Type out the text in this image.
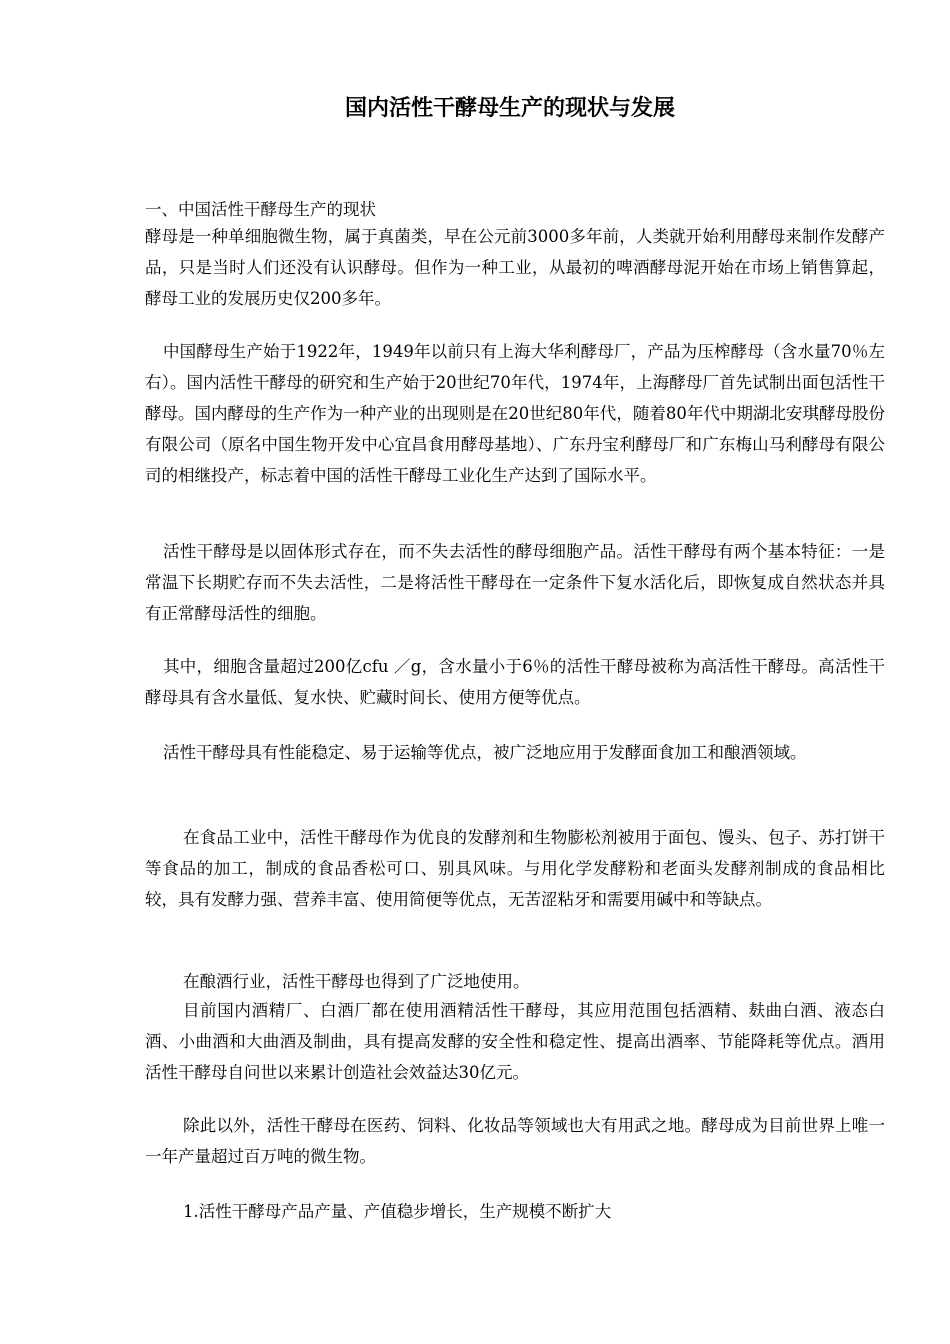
国内活性干酵母生产的现状与发展
一、中国活性干酵母生产的现状
酵母是一种单细胞微生物，属于真菌类，早在公元前3000多年前，人类就开始利用酵母来制作发酵产品，只是当时人们还没有认识酵母。但作为一种工业，从最初的啤酒酵母泥开始在市场上销售算起，酵母工业的发展历史仅200多年。
中国酵母生产始于1922年，1949年以前只有上海大华利酵母厂，产品为压榨酵母（含水量70％左右）。国内活性干酵母的研究和生产始于20世纪70年代，1974年，上海酵母厂首先试制出面包活性干酵母。国内酵母的生产作为一种产业的出现则是在20世纪80年代，随着80年代中期湖北安琪酵母股份有限公司（原名中国生物开发中心宜昌食用酵母基地）、广东丹宝利酵母厂和广东梅山马利酵母有限公司的相继投产，标志着中国的活性干酵母工业化生产达到了国际水平。
活性干酵母是以固体形式存在，而不失去活性的酵母细胞产品。活性干酵母有两个基本特征：一是常温下长期贮存而不失去活性，二是将活性干酵母在一定条件下复水活化后，即恢复成自然状态并具有正常酵母活性的细胞。
其中，细胞含量超过200亿cfu ／g，含水量小于6％的活性干酵母被称为高活性干酵母。高活性干酵母具有含水量低、复水快、贮藏时间长、使用方便等优点。
活性干酵母具有性能稳定、易于运输等优点，被广泛地应用于发酵面食加工和酿酒领域。
在食品工业中，活性干酵母作为优良的发酵剂和生物膨松剂被用于面包、馒头、包子、苏打饼干等食品的加工，制成的食品香松可口、别具风味。与用化学发酵粉和老面头发酵剂制成的食品相比较，具有发酵力强、营养丰富、使用简便等优点，无苦涩粘牙和需要用碱中和等缺点。
在酿酒行业，活性干酵母也得到了广泛地使用。
目前国内酒精厂、白酒厂都在使用酒精活性干酵母，其应用范围包括酒精、麸曲白酒、液态白酒、小曲酒和大曲酒及制曲，具有提高发酵的安全性和稳定性、提高出酒率、节能降耗等优点。酒用活性干酵母自问世以来累计创造社会效益达30亿元。
除此以外，活性干酵母在医药、饲料、化妆品等领域也大有用武之地。酵母成为目前世界上唯一一年产量超过百万吨的微生物。
1.活性干酵母产品产量、产值稳步增长，生产规模不断扩大
